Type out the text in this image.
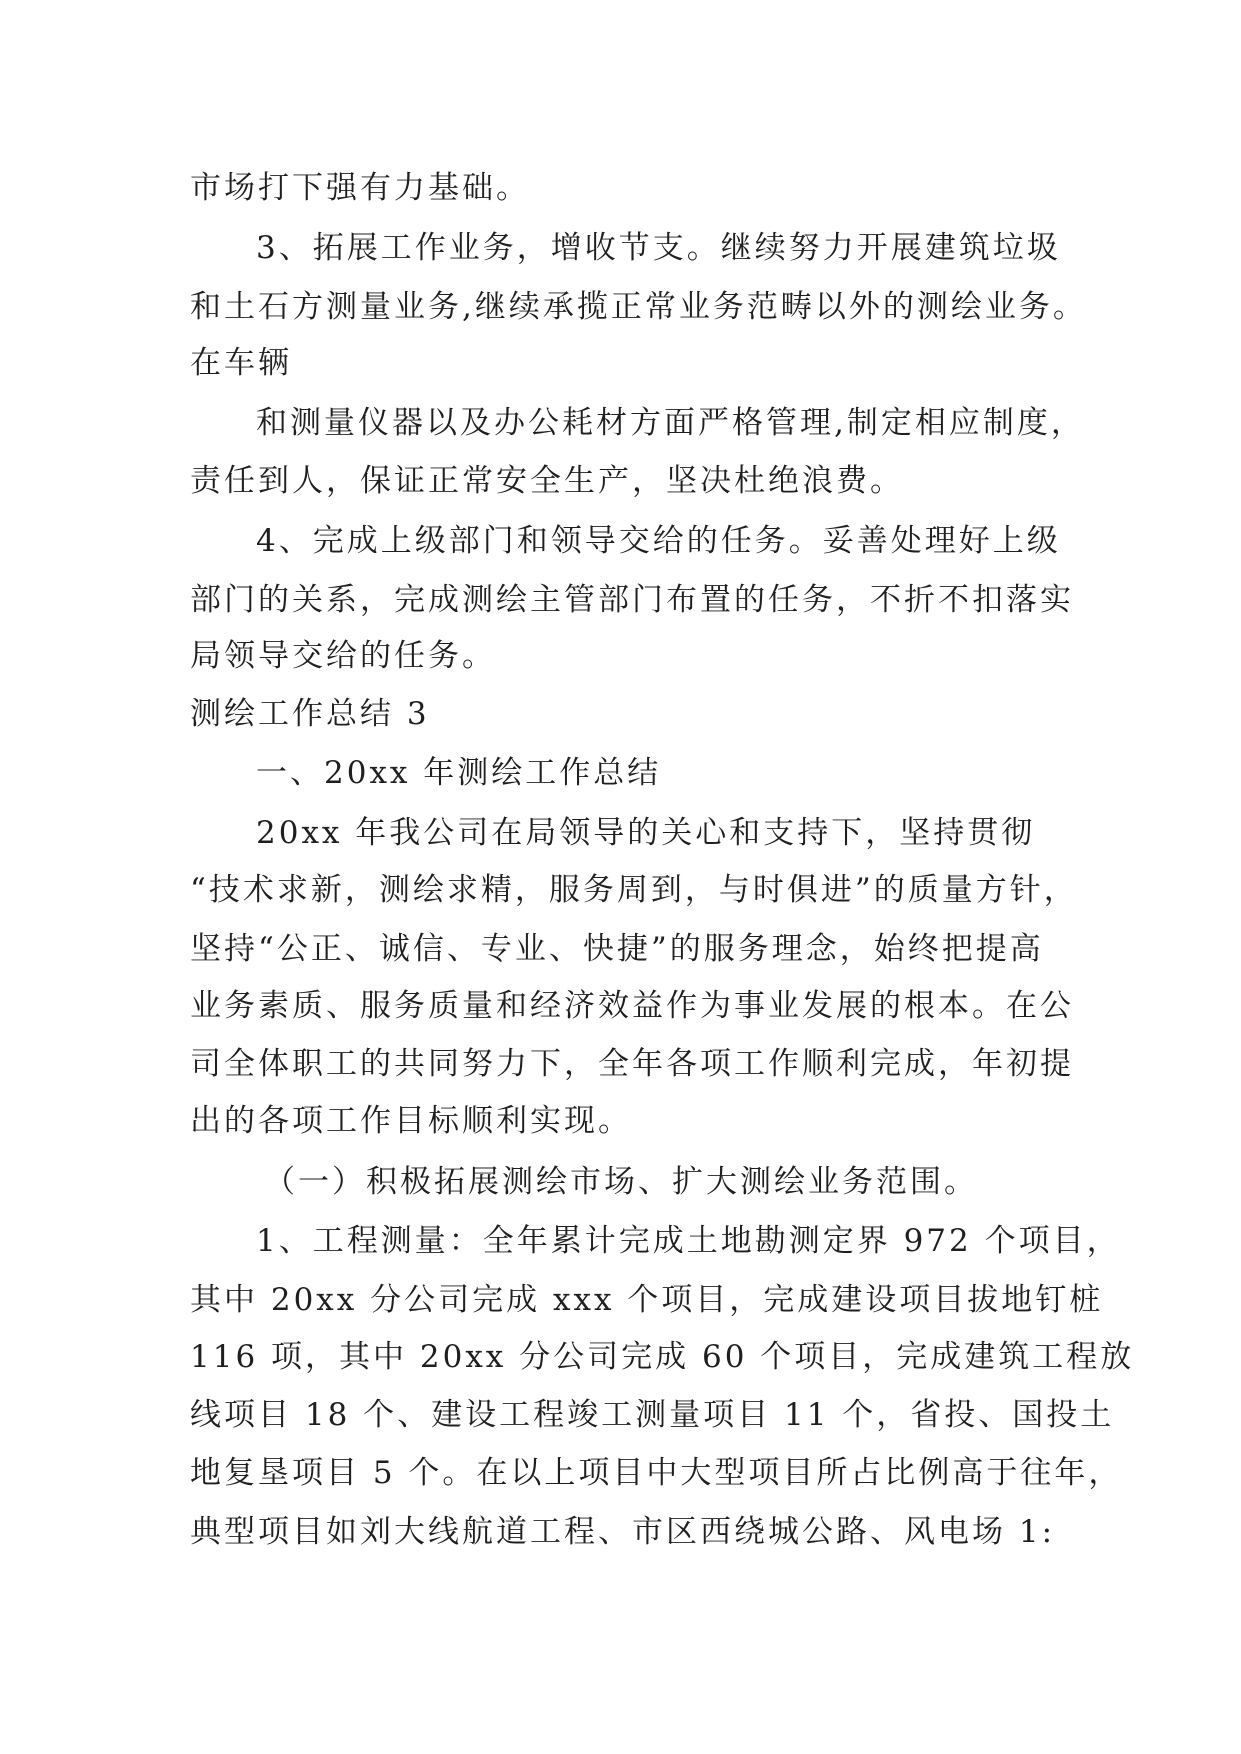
市场打下强有力基础。
3、拓展工作业务，增收节支。继续努力开展建筑垃圾
和土石方测量业务,继续承揽正常业务范畴以外的测绘业务。
在车辆
和测量仪器以及办公耗材方面严格管理,制定相应制度，
责任到人，保证正常安全生产，坚决杜绝浪费。
4、完成上级部门和领导交给的任务。妥善处理好上级
部门的关系，完成测绘主管部门布置的任务，不折不扣落实
局领导交给的任务。
测绘工作总结 3
一、20xx 年测绘工作总结
20xx 年我公司在局领导的关心和支持下，坚持贯彻
“技术求新，测绘求精，服务周到，与时俱进”的质量方针，
坚持“公正、诚信、专业、快捷”的服务理念，始终把提高
业务素质、服务质量和经济效益作为事业发展的根本。在公
司全体职工的共同努力下，全年各项工作顺利完成，年初提
出的各项工作目标顺利实现。
（一）积极拓展测绘市场、扩大测绘业务范围。
1、工程测量：全年累计完成土地勘测定界 972 个项目，
其中 20xx 分公司完成 xxx 个项目，完成建设项目拔地钉桩
116 项，其中 20xx 分公司完成 60 个项目，完成建筑工程放
线项目 18 个、建设工程竣工测量项目 11 个，省投、国投土
地复垦项目 5 个。在以上项目中大型项目所占比例高于往年，
典型项目如刘大线航道工程、市区西绕城公路、风电场 1:
